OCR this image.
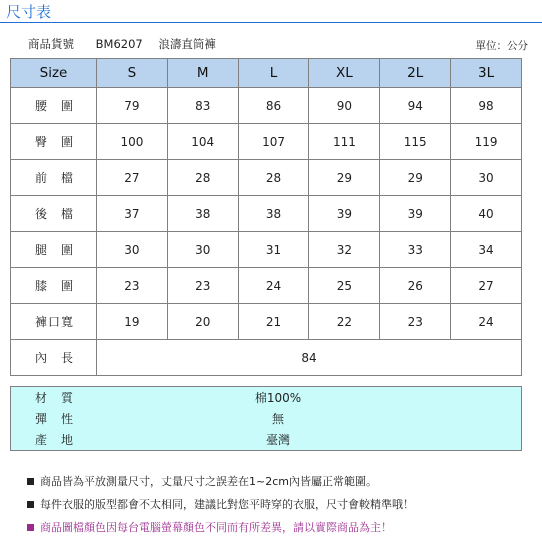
尺寸表
商品貨號 BM6207 浪濤直筒褲	單位：公分
Size	S	M	L	XL	2L	3L
腰　圍	79	83	86	90	94	98
臀　圍	100	104	107	111	115	119
前　檔	27	28	28	29	29	30
後　檔	37	38	38	39	39	40
腿　圍	30	30	31	32	33	34
膝　圍	23	23	24	25	26	27
褲口寬	19	20	21	22	23	24
內　長	84					
材　質	棉100%
彈　性	無
產　地	臺灣
商品皆為平放測量尺寸，丈量尺寸之誤差在1~2cm內皆屬正常範圍。
每件衣服的版型都會不太相同，建議比對您平時穿的衣服，尺寸會較精準哦！
商品圖檔顏色因每台電腦螢幕顏色不同而有所差異，請以實際商品為主！
